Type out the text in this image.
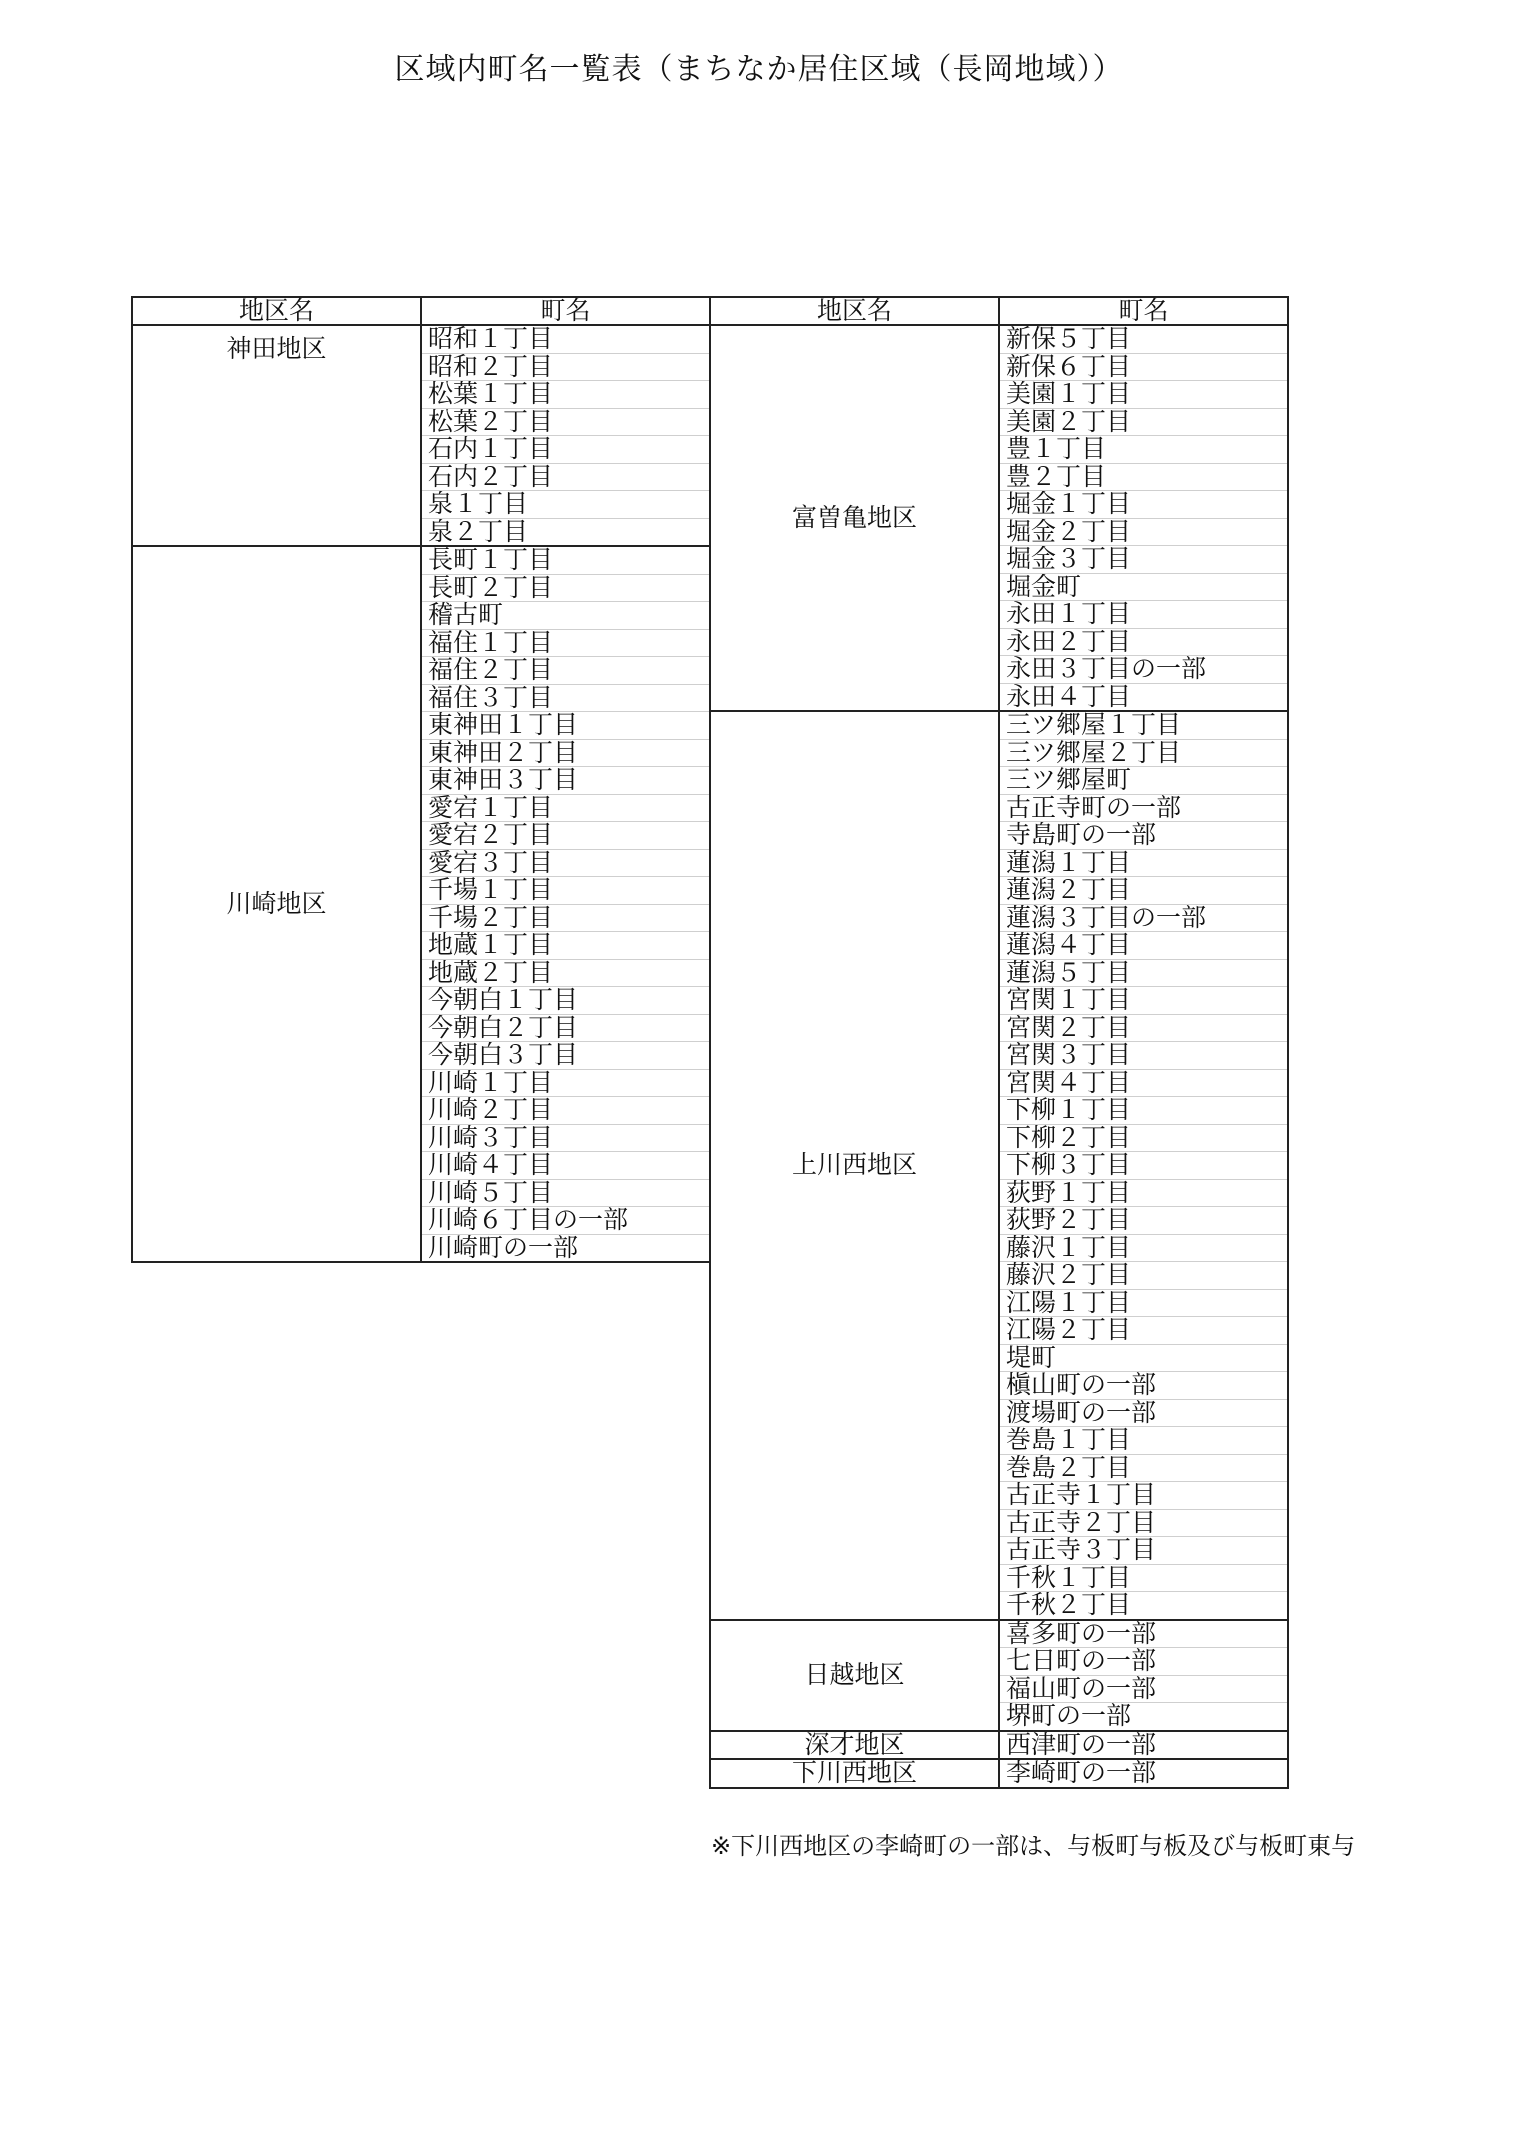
区域内町名一覧表（まちなか居住区域（長岡地域））
地区名	町名
神田地区	昭和１丁目
	昭和２丁目
	松葉１丁目
	松葉２丁目
	石内１丁目
	石内２丁目
	泉１丁目
	泉２丁目
川崎地区	長町１丁目
	長町２丁目
	稽古町
	福住１丁目
	福住２丁目
	福住３丁目
	東神田１丁目
	東神田２丁目
	東神田３丁目
	愛宕１丁目
	愛宕２丁目
	愛宕３丁目
	千場１丁目
	千場２丁目
	地蔵１丁目
	地蔵２丁目
	今朝白１丁目
	今朝白２丁目
	今朝白３丁目
	川崎１丁目
	川崎２丁目
	川崎３丁目
	川崎４丁目
	川崎５丁目
	川崎６丁目の一部
	川崎町の一部
地区名	町名
富曽亀地区	新保５丁目
	新保６丁目
	美園１丁目
	美園２丁目
	豊１丁目
	豊２丁目
	堀金１丁目
	堀金２丁目
	堀金３丁目
	堀金町
	永田１丁目
	永田２丁目
	永田３丁目の一部
	永田４丁目
上川西地区	三ツ郷屋１丁目
	三ツ郷屋２丁目
	三ツ郷屋町
	古正寺町の一部
	寺島町の一部
	蓮潟１丁目
	蓮潟２丁目
	蓮潟３丁目の一部
	蓮潟４丁目
	蓮潟５丁目
	宮関１丁目
	宮関２丁目
	宮関３丁目
	宮関４丁目
	下柳１丁目
	下柳２丁目
	下柳３丁目
	荻野１丁目
	荻野２丁目
	藤沢１丁目
	藤沢２丁目
	江陽１丁目
	江陽２丁目
	堤町
	槇山町の一部
	渡場町の一部
	巻島１丁目
	巻島２丁目
	古正寺１丁目
	古正寺２丁目
	古正寺３丁目
	千秋１丁目
	千秋２丁目
日越地区	喜多町の一部
	七日町の一部
	福山町の一部
	堺町の一部
深才地区	西津町の一部
下川西地区	李崎町の一部
※下川西地区の李崎町の一部は、与板町与板及び与板町東与
